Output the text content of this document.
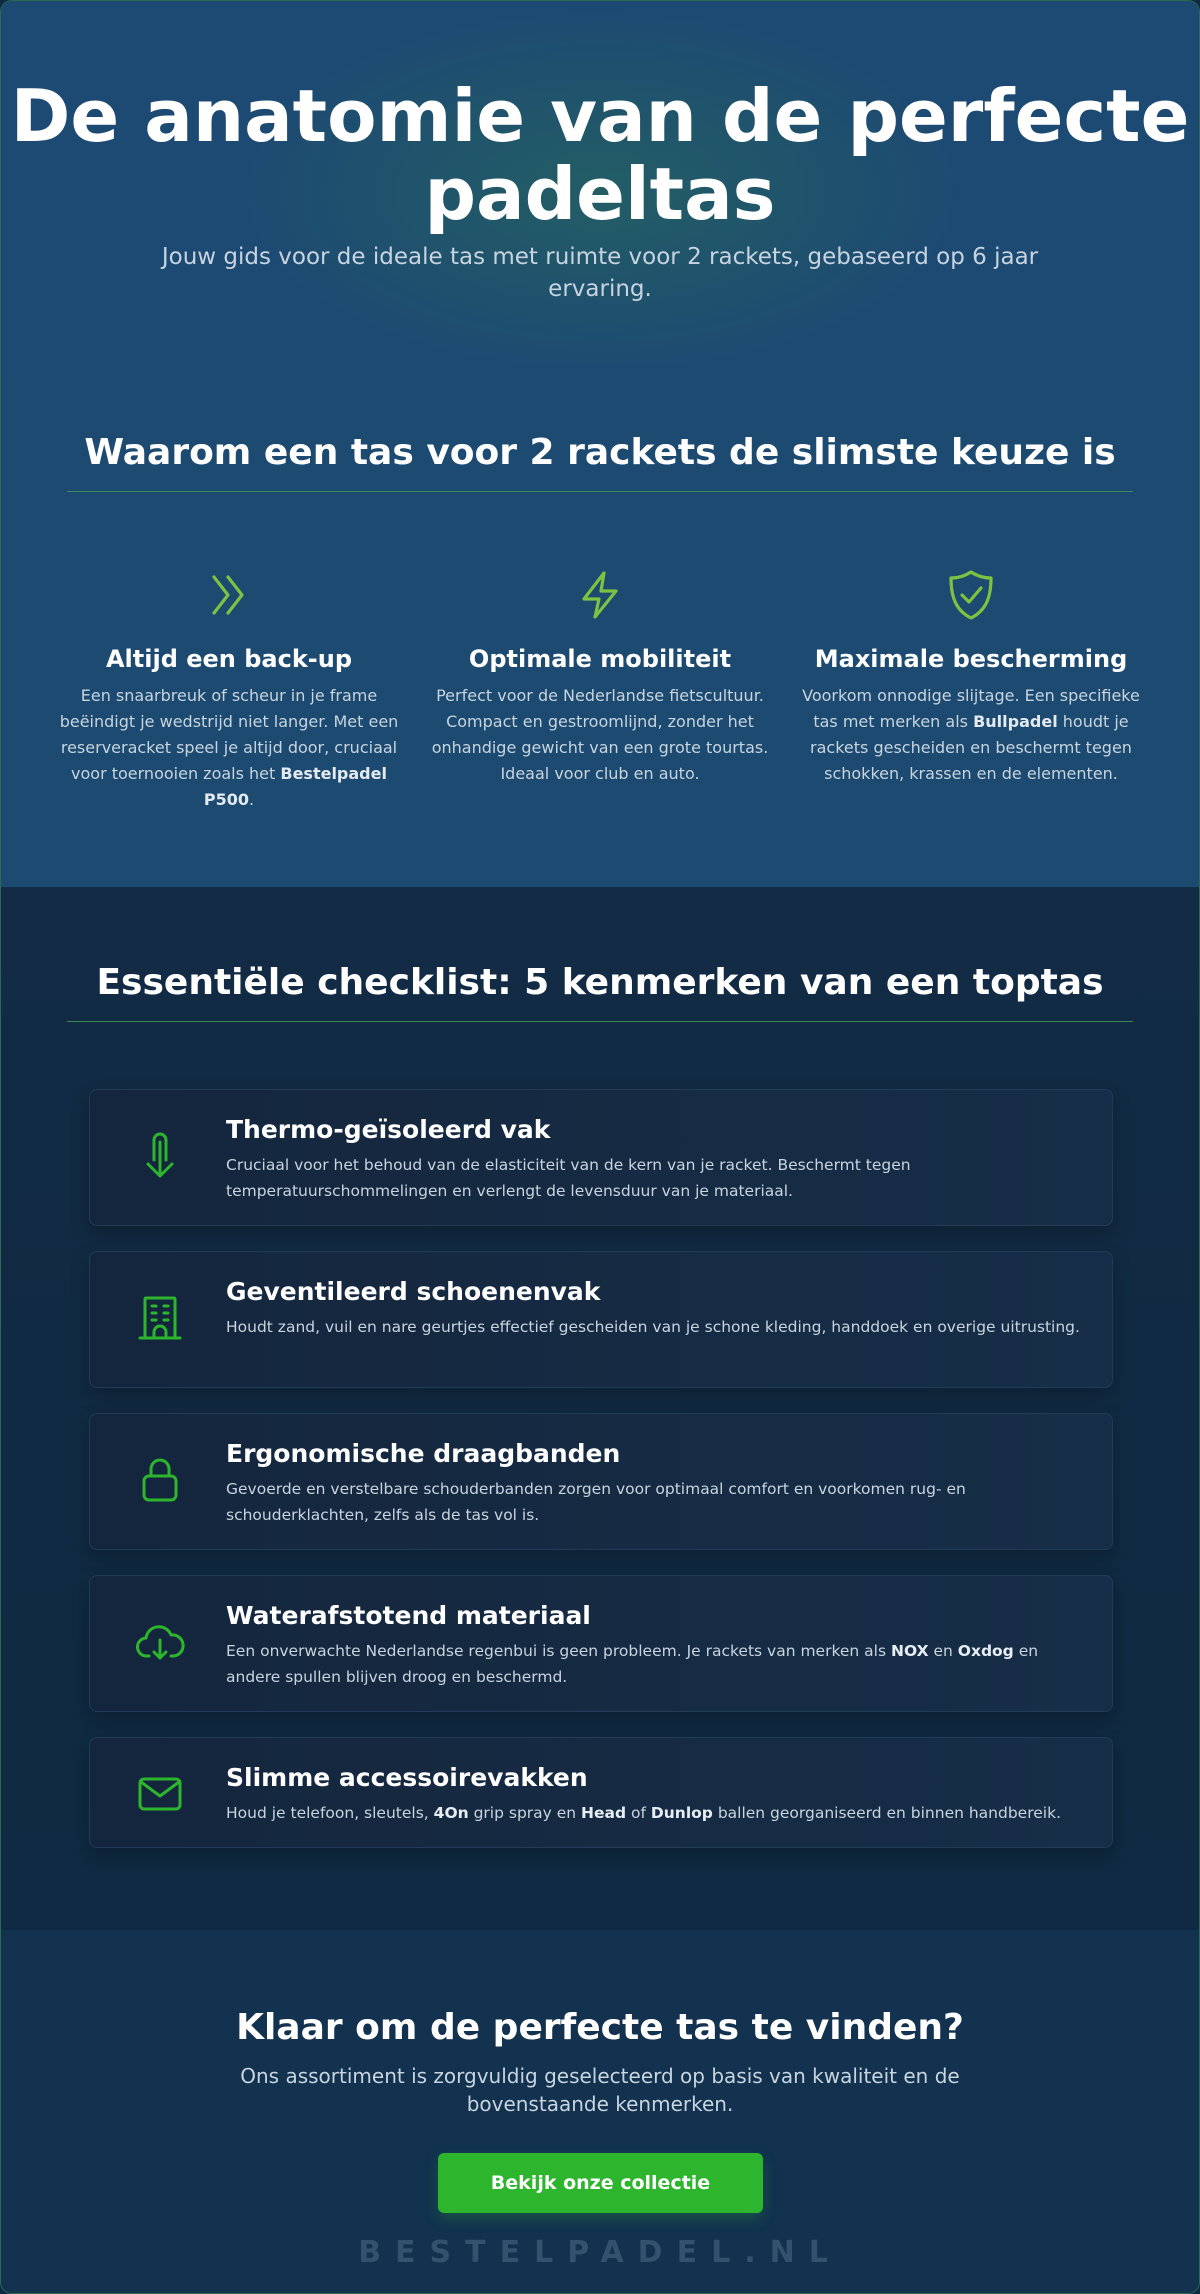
De anatomie van de perfecte padeltas

Jouw gids voor de ideale tas met ruimte voor 2 rackets, gebaseerd op 6 jaar ervaring.

Waarom een tas voor 2 rackets de slimste keuze is
Altijd een back-up

Een snaarbreuk of scheur in je frame beëindigt je wedstrijd niet langer. Met een reserveracket speel je altijd door, cruciaal voor toernooien zoals het Bestelpadel P500.

Optimale mobiliteit

Perfect voor de Nederlandse fietscultuur. Compact en gestroomlijnd, zonder het onhandige gewicht van een grote tourtas. Ideaal voor club en auto.

Maximale bescherming

Voorkom onnodige slijtage. Een specifieke tas met merken als Bullpadel houdt je rackets gescheiden en beschermt tegen schokken, krassen en de elementen.

Essentiële checklist: 5 kenmerken van een toptas
Thermo-geïsoleerd vak
Cruciaal voor het behoud van de elasticiteit van de kern van je racket. Beschermt tegen temperatuurschommelingen en verlengt de levensduur van je materiaal.
Geventileerd schoenenvak
Houdt zand, vuil en nare geurtjes effectief gescheiden van je schone kleding, handdoek en overige uitrusting.
Ergonomische draagbanden
Gevoerde en verstelbare schouderbanden zorgen voor optimaal comfort en voorkomen rug- en schouderklachten, zelfs als de tas vol is.
Waterafstotend materiaal
Een onverwachte Nederlandse regenbui is geen probleem. Je rackets van merken als NOX en Oxdog en andere spullen blijven droog en beschermd.
Slimme accessoirevakken
Houd je telefoon, sleutels, 4On grip spray en Head of Dunlop ballen georganiseerd en binnen handbereik.
Klaar om de perfecte tas te vinden?

Ons assortiment is zorgvuldig geselecteerd op basis van kwaliteit en de bovenstaande kenmerken.

Bekijk onze collectie
BESTELPADEL.NL
